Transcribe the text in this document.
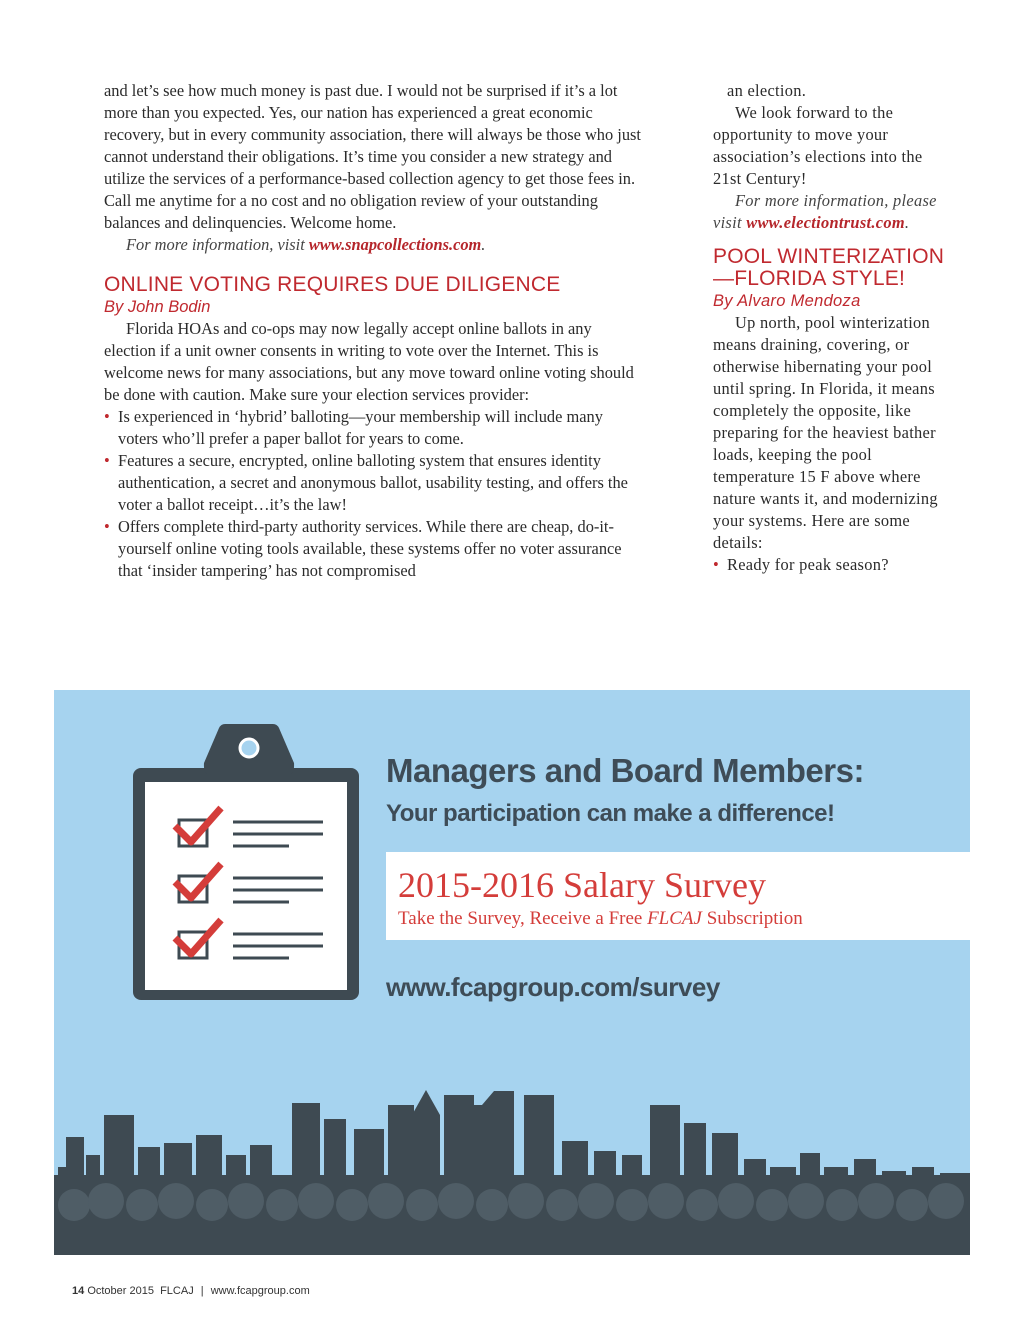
and let’s see how much money is past due. I would not be surprised if it’s a lot more than you expected. Yes, our nation has experienced a great economic recovery, but in every community association, there will always be those who just cannot understand their obligations. It’s time you consider a new strategy and utilize the services of a performance-based collection agency to get those fees in. Call me anytime for a no cost and no obligation review of your outstanding balances and delinquencies. Welcome home.

For more information, visit www.snapcollections.com.

ONLINE VOTING REQUIRES DUE DILIGENCE
By John Bodin

Florida HOAs and co-ops may now legally accept online ballots in any election if a unit owner consents in writing to vote over the Internet. This is welcome news for many associations, but any move toward online voting should be done with caution. Make sure your election services provider:

• Is experienced in ‘hybrid’ balloting—your membership will include many voters who’ll prefer a paper ballot for years to come.
• Features a secure, encrypted, online balloting system that ensures identity authentication, a secret and anonymous ballot, usability testing, and offers the voter a ballot receipt…it’s the law!
• Offers complete third-party authority services. While there are cheap, do-it-yourself online voting tools available, these systems offer no voter assurance that ‘insider tampering’ has not compromised

an election.

We look forward to the opportunity to move your association’s elections into the 21st Century!

For more information, please visit www.electiontrust.com.

POOL WINTERIZATION—FLORIDA STYLE!
By Alvaro Mendoza

Up north, pool winterization means draining, covering, or otherwise hibernating your pool until spring. In Florida, it means completely the opposite, like preparing for the heaviest bather loads, keeping the pool temperature 15 F above where nature wants it, and modernizing your systems. Here are some details:

• Ready for peak season?
Managers and Board Members:
Your participation can make a difference!
2015-2016 Salary Survey
Take the Survey, Receive a Free FLCAJ Subscription
www.fcapgroup.com/survey
14 October 2015  FLCAJ | www.fcapgroup.com
